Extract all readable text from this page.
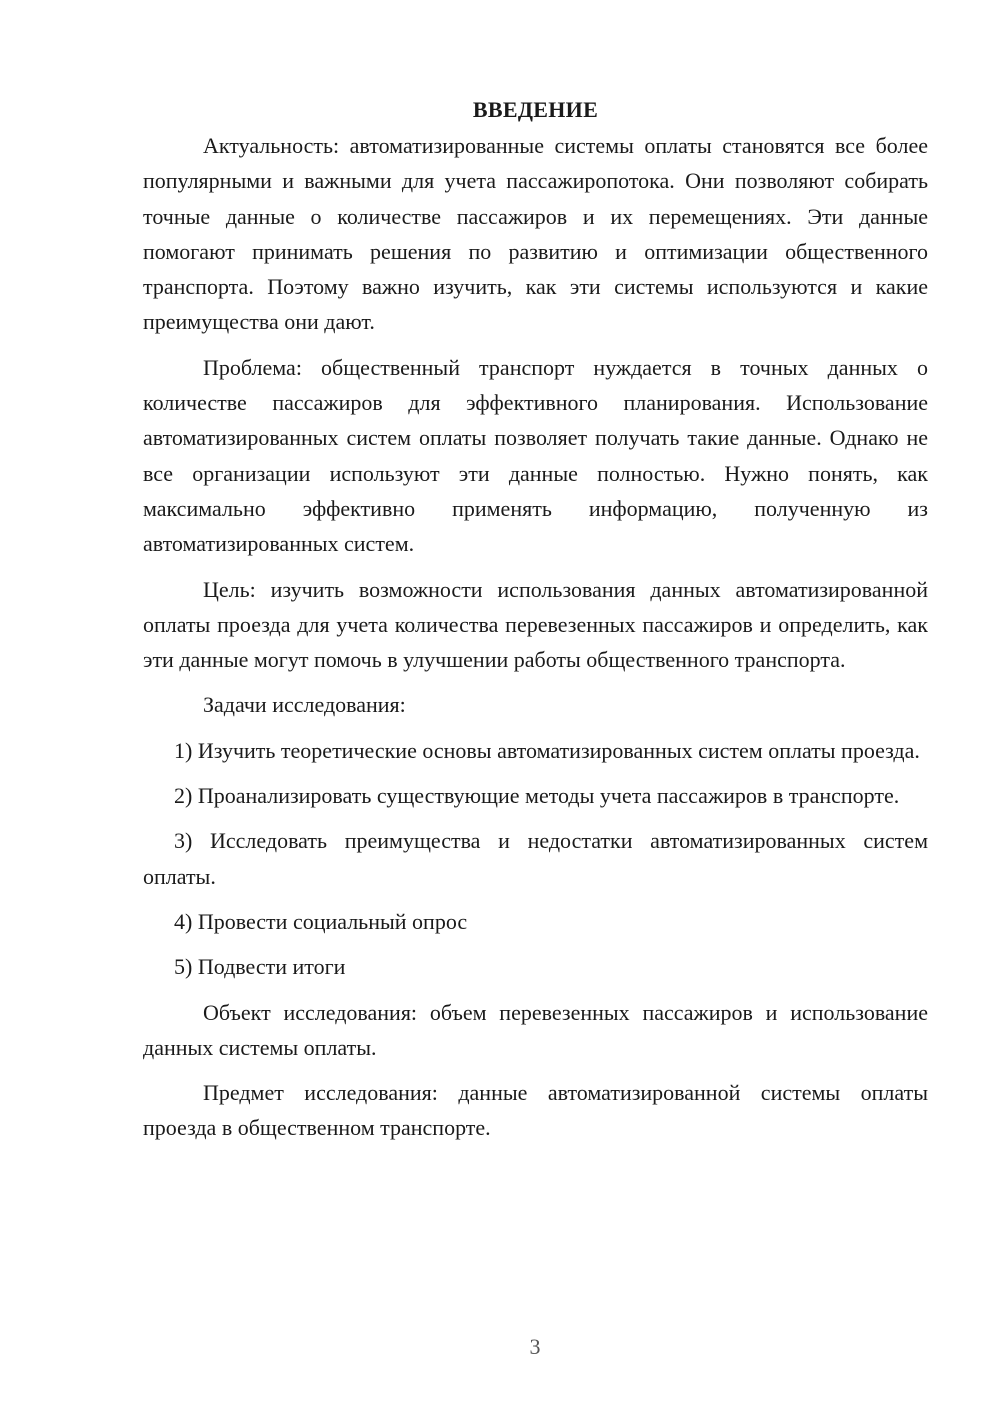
ВВЕДЕНИЕ

Актуальность: автоматизированные системы оплаты становятся все более популярными и важными для учета пассажиропотока. Они позволяют собирать точные данные о количестве пассажиров и их перемещениях. Эти данные помогают принимать решения по развитию и оптимизации общественного транспорта. Поэтому важно изучить, как эти системы используются и какие преимущества они дают.

Проблема: общественный транспорт нуждается в точных данных о количестве пассажиров для эффективного планирования. Использование автоматизированных систем оплаты позволяет получать такие данные. Однако не все организации используют эти данные полностью. Нужно понять, как максимально эффективно применять информацию, полученную из автоматизированных систем.

Цель: изучить возможности использования данных автоматизированной оплаты проезда для учета количества перевезенных пассажиров и определить, как эти данные могут помочь в улучшении работы общественного транспорта.

Задачи исследования:

1) Изучить теоретические основы автоматизированных систем оплаты проезда.

2) Проанализировать существующие методы учета пассажиров в транспорте.

3) Исследовать преимущества и недостатки автоматизированных систем оплаты.

4) Провести социальный опрос

5) Подвести итоги

Объект исследования: объем перевезенных пассажиров и использование данных системы оплаты.

Предмет исследования: данные автоматизированной системы оплаты проезда в общественном транспорте.

3
